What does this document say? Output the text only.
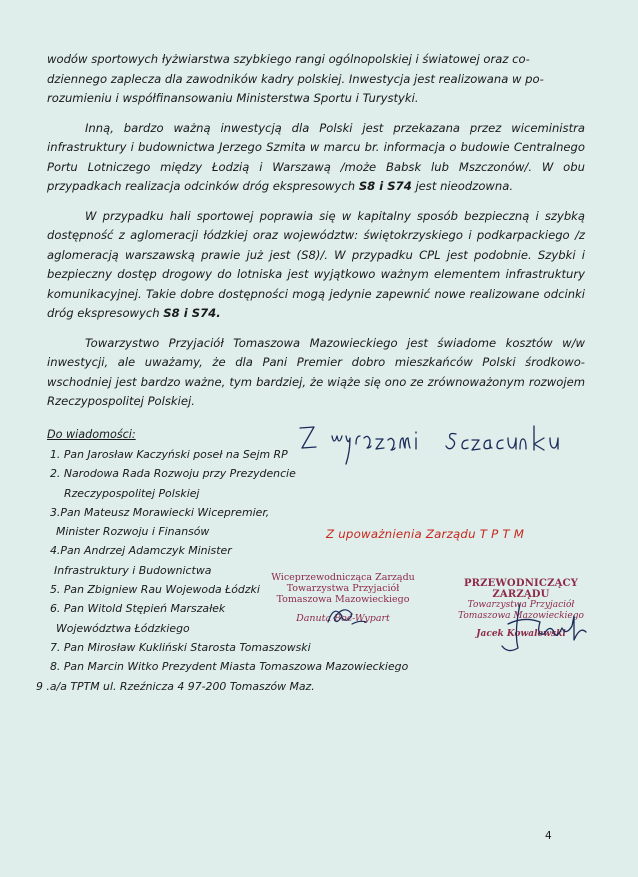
wodów sportowych łyżwiarstwa szybkiego rangi ogólnopolskiej i światowej oraz co-
dziennego zaplecza dla zawodników kadry polskiej. Inwestycja jest realizowana w po-
rozumieniu i współfinansowaniu Ministerstwa Sportu i Turystyki.

Inną, bardzo ważną inwestycją dla Polski jest przekazana przez wiceministra infrastruktury i budownictwa Jerzego Szmita w marcu br. informacja o budowie Centralnego Portu Lotniczego między Łodzią i Warszawą /może Babsk lub Mszczonów/. W obu przypadkach realizacja odcinków dróg ekspresowych S8 i S74 jest nieodzowna.

W przypadku hali sportowej poprawia się w kapitalny sposób bezpieczną i szybką dostępność z aglomeracji łódzkiej oraz województw: świętokrzyskiego i podkarpackiego /z aglomeracją warszawską prawie już jest (S8)/. W przypadku CPL jest podobnie. Szybki i bezpieczny dostęp drogowy do lotniska jest wyjątkowo ważnym elementem infrastruktury komunikacyjnej. Takie dobre dostępności mogą jedynie zapewnić nowe realizowane odcinki dróg ekspresowych S8 i S74.

Towarzystwo Przyjaciół Tomaszowa Mazowieckiego jest świadome kosztów w/w inwestycji, ale uważamy, że dla Pani Premier dobro mieszkańców Polski środkowo-wschodniej jest bardzo ważne, tym bardziej, że wiąże się ono ze zrównoważonym rozwojem Rzeczypospolitej Polskiej.

Z upoważnienia Zarządu T P T M
Do wiadomości:
1. Pan Jarosław Kaczyński poseł na Sejm RP
2. Narodowa Rada Rozwoju przy Prezydencie
Rzeczypospolitej Polskiej
3.Pan Mateusz Morawiecki Wicepremier,
Minister Rozwoju i Finansów
4.Pan Andrzej Adamczyk Minister
Infrastruktury i Budownictwa
5. Pan Zbigniew Rau Wojewoda Łódzki
6. Pan Witold Stępień Marszałek
Województwa Łódzkiego
7. Pan Mirosław Kukliński Starosta Tomaszowski
8. Pan Marcin Witko Prezydent Miasta Tomaszowa Mazowieckiego
9 .a/a TPTM ul. Rzeźnicza 4 97-200 Tomaszów Maz.
Wiceprzewodnicząca Zarządu
Towarzystwa Przyjaciół
Tomaszowa Mazowieckiego
Danuta Boć-Wypart
PRZEWODNICZĄCY ZARZĄDU
Towarzystwa Przyjaciół
Tomaszowa Mazowieckiego
Jacek Kowalewski
4
